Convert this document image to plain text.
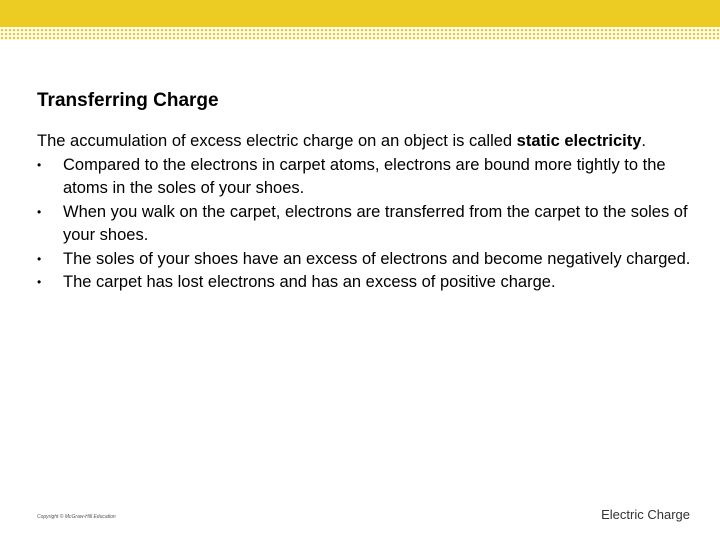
Transferring Charge

The accumulation of excess electric charge on an object is called static electricity.

•	Compared to the electrons in carpet atoms, electrons are bound more tightly to the atoms in the soles of your shoes.
•	When you walk on the carpet, electrons are transferred from the carpet to the soles of your shoes.
•	The soles of your shoes have an excess of electrons and become negatively charged.
•	The carpet has lost electrons and has an excess of positive charge.
Copyright © McGraw-Hill Education	Electric Charge
